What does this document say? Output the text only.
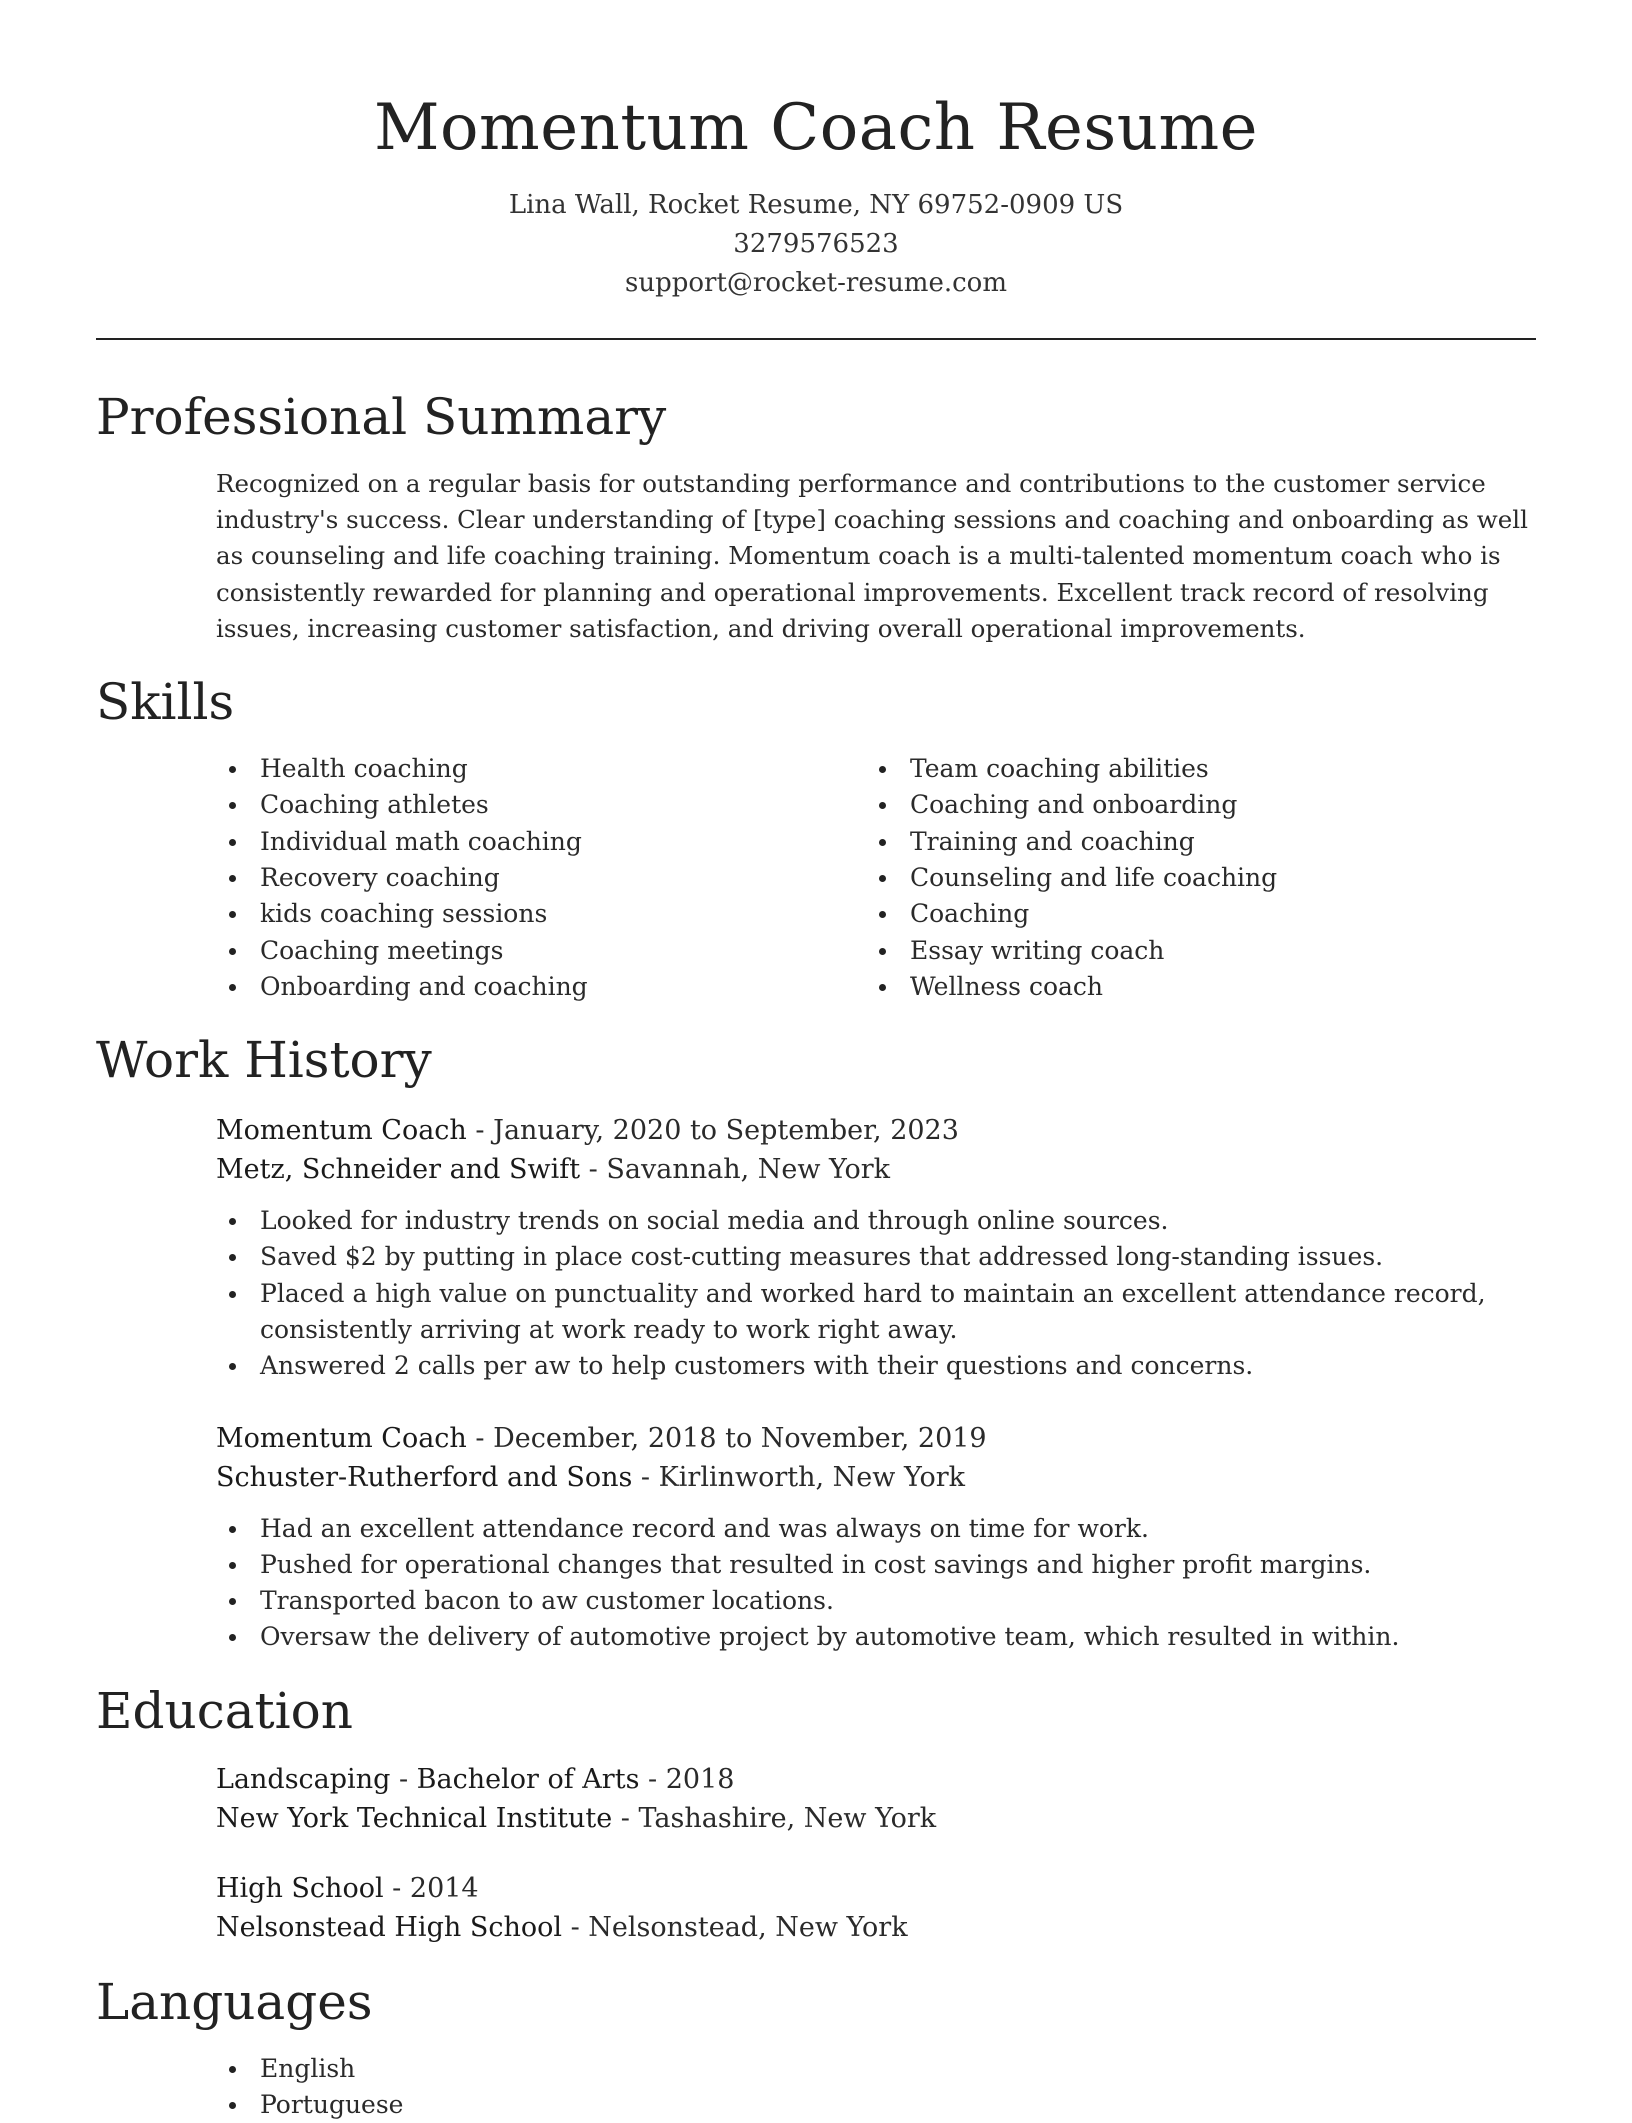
Momentum Coach Resume
Lina Wall, Rocket Resume, NY 69752-0909 US
3279576523
support@rocket-resume.com
Professional Summary
Recognized on a regular basis for outstanding performance and contributions to the customer service industry's success. Clear understanding of [type] coaching sessions and coaching and onboarding as well as counseling and life coaching training. Momentum coach is a multi-talented momentum coach who is consistently rewarded for planning and operational improvements. Excellent track record of resolving issues, increasing customer satisfaction, and driving overall operational improvements.
Skills
Health coaching
Coaching athletes
Individual math coaching
Recovery coaching
kids coaching sessions
Coaching meetings
Onboarding and coaching
Team coaching abilities
Coaching and onboarding
Training and coaching
Counseling and life coaching
Coaching
Essay writing coach
Wellness coach
Work History
Momentum Coach - January, 2020 to September, 2023
Metz, Schneider and Swift - Savannah, New York
Looked for industry trends on social media and through online sources.
Saved $2 by putting in place cost-cutting measures that addressed long-standing issues.
Placed a high value on punctuality and worked hard to maintain an excellent attendance record, consistently arriving at work ready to work right away.
Answered 2 calls per aw to help customers with their questions and concerns.
Momentum Coach - December, 2018 to November, 2019
Schuster-Rutherford and Sons - Kirlinworth, New York
Had an excellent attendance record and was always on time for work.
Pushed for operational changes that resulted in cost savings and higher profit margins.
Transported bacon to aw customer locations.
Oversaw the delivery of automotive project by automotive team, which resulted in within.
Education
Landscaping - Bachelor of Arts - 2018
New York Technical Institute - Tashashire, New York
High School - 2014
Nelsonstead High School - Nelsonstead, New York
Languages
English
Portuguese
